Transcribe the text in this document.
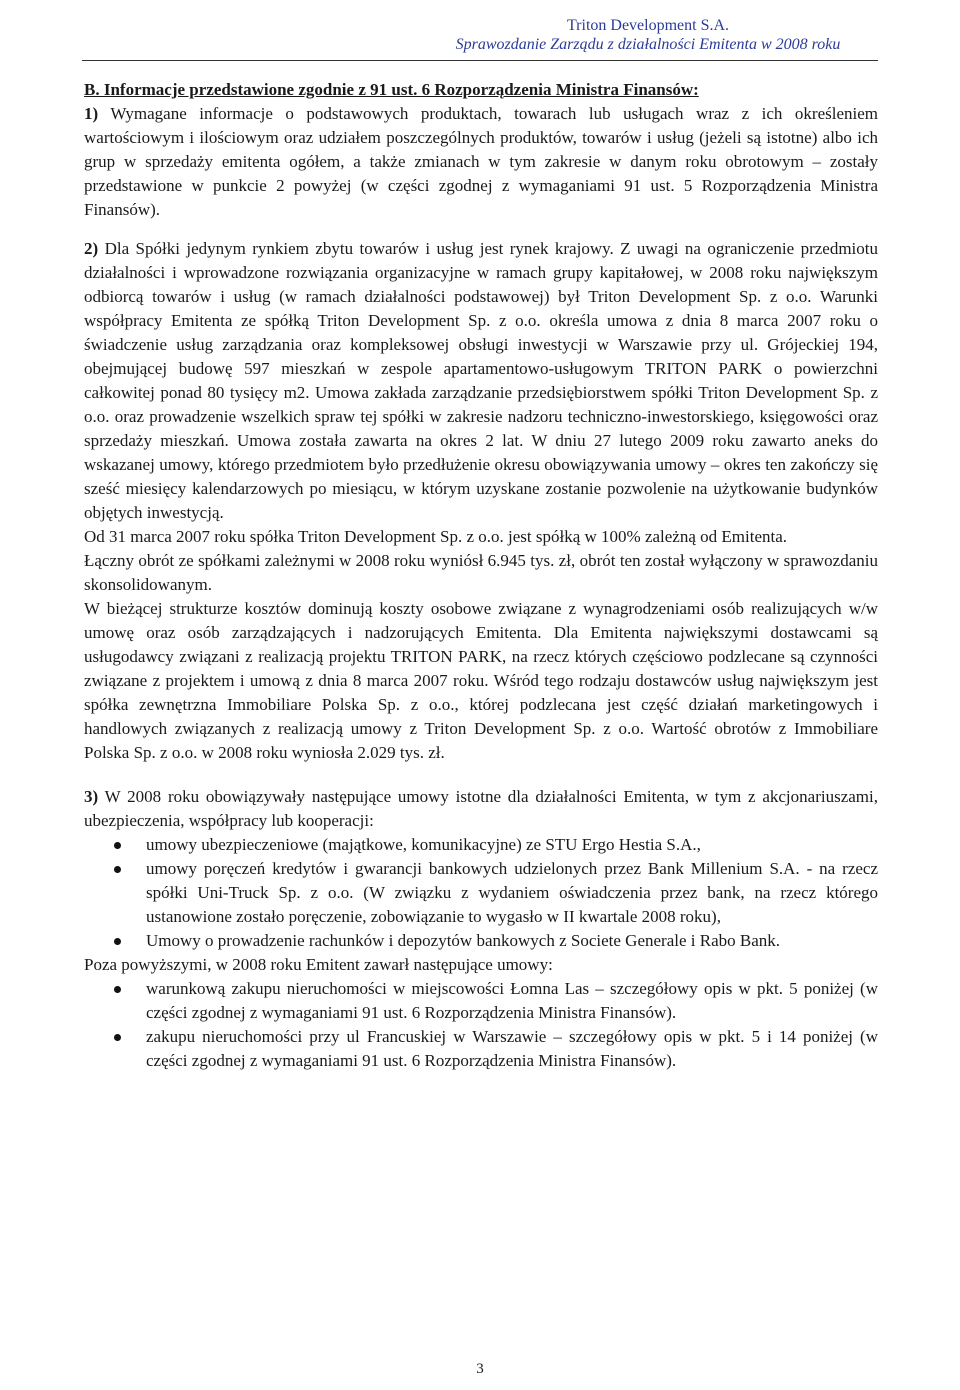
Triton Development S.A.
Sprawozdanie Zarządu z działalności Emitenta w 2008 roku

B. Informacje przedstawione zgodnie z 91 ust. 6 Rozporządzenia Ministra Finansów:

1) Wymagane informacje o podstawowych produktach, towarach lub usługach wraz z ich określeniem wartościowym i ilościowym oraz udziałem poszczególnych produktów, towarów i usług (jeżeli są istotne) albo ich grup w sprzedaży emitenta ogółem, a także zmianach w tym zakresie w danym roku obrotowym – zostały przedstawione w punkcie 2 powyżej (w części zgodnej z wymaganiami 91 ust. 5 Rozporządzenia Ministra Finansów).

2) Dla Spółki jedynym rynkiem zbytu towarów i usług jest rynek krajowy. Z uwagi na ograniczenie przedmiotu działalności i wprowadzone rozwiązania organizacyjne w ramach grupy kapitałowej, w 2008 roku największym odbiorcą towarów i usług (w ramach działalności podstawowej) był Triton Development Sp. z o.o. Warunki współpracy Emitenta ze spółką Triton Development Sp. z o.o. określa umowa z dnia 8 marca 2007 roku o świadczenie usług zarządzania oraz kompleksowej obsługi inwestycji w Warszawie przy ul. Grójeckiej 194, obejmującej budowę 597 mieszkań w zespole apartamentowo-usługowym TRITON PARK o powierzchni całkowitej ponad 80 tysięcy m2. Umowa zakłada zarządzanie przedsiębiorstwem spółki Triton Development Sp. z o.o. oraz prowadzenie wszelkich spraw tej spółki w zakresie nadzoru techniczno-inwestorskiego, księgowości oraz sprzedaży mieszkań. Umowa została zawarta na okres 2 lat. W dniu 27 lutego 2009 roku zawarto aneks do wskazanej umowy, którego przedmiotem było przedłużenie okresu obowiązywania umowy – okres ten zakończy się sześć miesięcy kalendarzowych po miesiącu, w którym uzyskane zostanie pozwolenie na użytkowanie budynków objętych inwestycją.

Od 31 marca 2007 roku spółka Triton Development Sp. z o.o. jest spółką w 100% zależną od Emitenta.

Łączny obrót ze spółkami zależnymi w 2008 roku wyniósł 6.945 tys. zł, obrót ten został wyłączony w sprawozdaniu skonsolidowanym.

W bieżącej strukturze kosztów dominują koszty osobowe związane z wynagrodzeniami osób realizujących w/w umowę oraz osób zarządzających i nadzorujących Emitenta. Dla Emitenta największymi dostawcami są usługodawcy związani z realizacją projektu TRITON PARK, na rzecz których częściowo podzlecane są czynności związane z projektem i umową z dnia 8 marca 2007 roku. Wśród tego rodzaju dostawców usług największym jest spółka zewnętrzna Immobiliare Polska Sp. z o.o., której podzlecana jest część działań marketingowych i handlowych związanych z realizacją umowy z Triton Development Sp. z o.o. Wartość obrotów z Immobiliare Polska Sp. z o.o. w 2008 roku wyniosła 2.029 tys. zł.

3) W 2008 roku obowiązywały następujące umowy istotne dla działalności Emitenta, w tym z akcjonariuszami, ubezpieczenia, współpracy lub kooperacji:

umowy ubezpieczeniowe (majątkowe, komunikacyjne) ze STU Ergo Hestia S.A.,
umowy poręczeń kredytów i gwarancji bankowych udzielonych przez Bank Millenium S.A. - na rzecz spółki Uni-Truck Sp. z o.o. (W związku z wydaniem oświadczenia przez bank, na rzecz którego ustanowione zostało poręczenie, zobowiązanie to wygasło w II kwartale 2008 roku),
Umowy o prowadzenie rachunków i depozytów bankowych z Societe Generale i Rabo Bank.

Poza powyższymi, w 2008 roku Emitent zawarł następujące umowy:

warunkową zakupu nieruchomości w miejscowości Łomna Las – szczegółowy opis w pkt. 5 poniżej (w części zgodnej z wymaganiami 91 ust. 6 Rozporządzenia Ministra Finansów).
zakupu nieruchomości przy ul Francuskiej w Warszawie – szczegółowy opis w pkt. 5 i 14 poniżej (w części zgodnej z wymaganiami 91 ust. 6 Rozporządzenia Ministra Finansów).
3
